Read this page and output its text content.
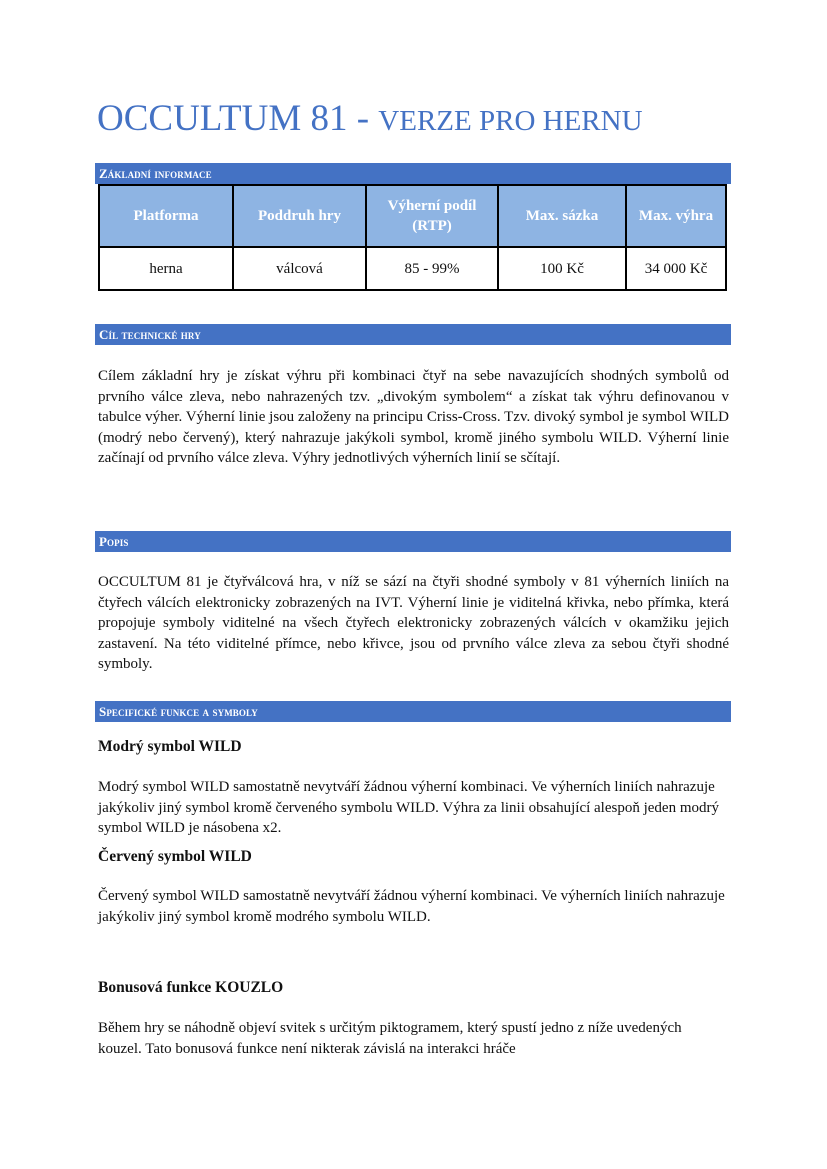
OCCULTUM 81 - VERZE PRO HERNU
Základní informace
Platforma	Poddruh hry	Výherní podíl (RTP)	Max. sázka	Max. výhra
herna	válcová	85 - 99%	100 Kč	34 000 Kč
Cíl technické hry

Cílem základní hry je získat výhru při kombinaci čtyř na sebe navazujících shodných symbolů od prvního válce zleva, nebo nahrazených tzv. „divokým symbolem“ a získat tak výhru definovanou v tabulce výher. Výherní linie jsou založeny na principu Criss-Cross. Tzv. divoký symbol je symbol WILD (modrý nebo červený), který nahrazuje jakýkoli symbol, kromě jiného symbolu WILD. Výherní linie začínají od prvního válce zleva. Výhry jednotlivých výherních linií se sčítají.

Popis

OCCULTUM 81 je čtyřválcová hra, v níž se sází na čtyři shodné symboly v 81 výherních liniích na čtyřech válcích elektronicky zobrazených na IVT. Výherní linie je viditelná křivka, nebo přímka, která propojuje symboly viditelné na všech čtyřech elektronicky zobrazených válcích v okamžiku jejich zastavení. Na této viditelné přímce, nebo křivce, jsou od prvního válce zleva za sebou čtyři shodné symboly.

Specifické funkce a symboly

Modrý symbol WILD

Modrý symbol WILD samostatně nevytváří žádnou výherní kombinaci. Ve výherních liniích nahrazuje jakýkoliv jiný symbol kromě červeného symbolu WILD. Výhra za linii obsahující alespoň jeden modrý symbol WILD je násobena x2.

Červený symbol WILD

Červený symbol WILD samostatně nevytváří žádnou výherní kombinaci. Ve výherních liniích nahrazuje jakýkoliv jiný symbol kromě modrého symbolu WILD.

Bonusová funkce KOUZLO

Během hry se náhodně objeví svitek s určitým piktogramem, který spustí jedno z níže uvedených kouzel. Tato bonusová funkce není nikterak závislá na interakci hráče
